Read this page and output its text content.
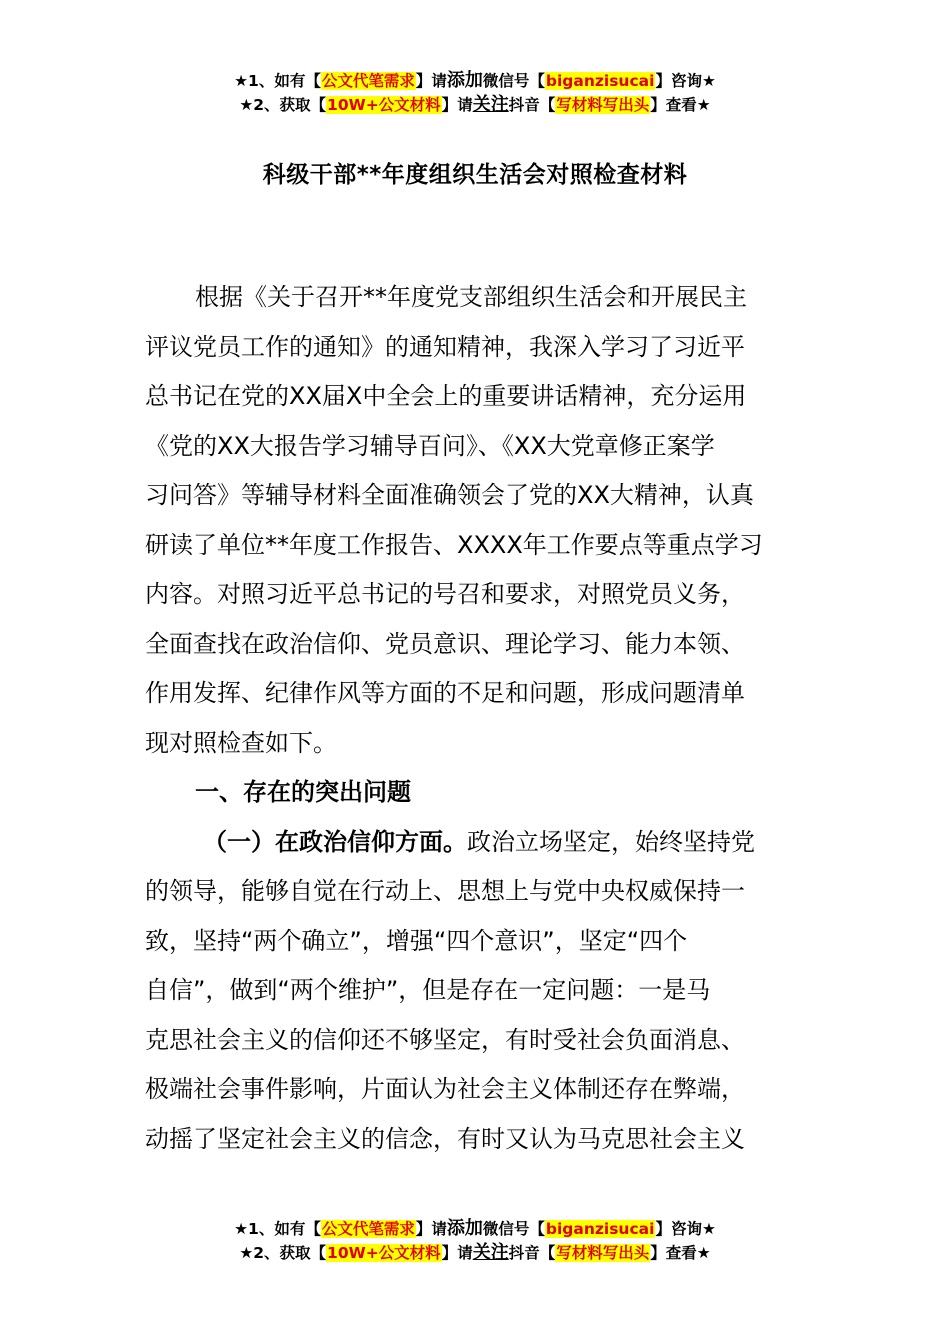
★1、如有【公文代笔需求】请添加微信号【biganzisucai】咨询★
★2、获取【10W+公文材料】请关注抖音【写材料写出头】查看★
科级干部**年度组织生活会对照检查材料
根据《关于召开**年度党支部组织生活会和开展民主
评议党员工作的通知》的通知精神，我深入学习了习近平
总书记在党的XX届X中全会上的重要讲话精神，充分运用
《党的XX大报告学习辅导百问》、《XX大党章修正案学
习问答》等辅导材料全面准确领会了党的XX大精神，认真
研读了单位**年度工作报告、XXXX年工作要点等重点学习
内容。对照习近平总书记的号召和要求，对照党员义务，
全面查找在政治信仰、党员意识、理论学习、能力本领、
作用发挥、纪律作风等方面的不足和问题，形成问题清单
现对照检查如下。
一、存在的突出问题
（一）在政治信仰方面。政治立场坚定，始终坚持党
的领导，能够自觉在行动上、思想上与党中央权威保持一
致，坚持“两个确立”，增强“四个意识”，坚定“四个
自信”，做到“两个维护”，但是存在一定问题：一是马
克思社会主义的信仰还不够坚定，有时受社会负面消息、
极端社会事件影响，片面认为社会主义体制还存在弊端，
动摇了坚定社会主义的信念，有时又认为马克思社会主义
★1、如有【公文代笔需求】请添加微信号【biganzisucai】咨询★
★2、获取【10W+公文材料】请关注抖音【写材料写出头】查看★
